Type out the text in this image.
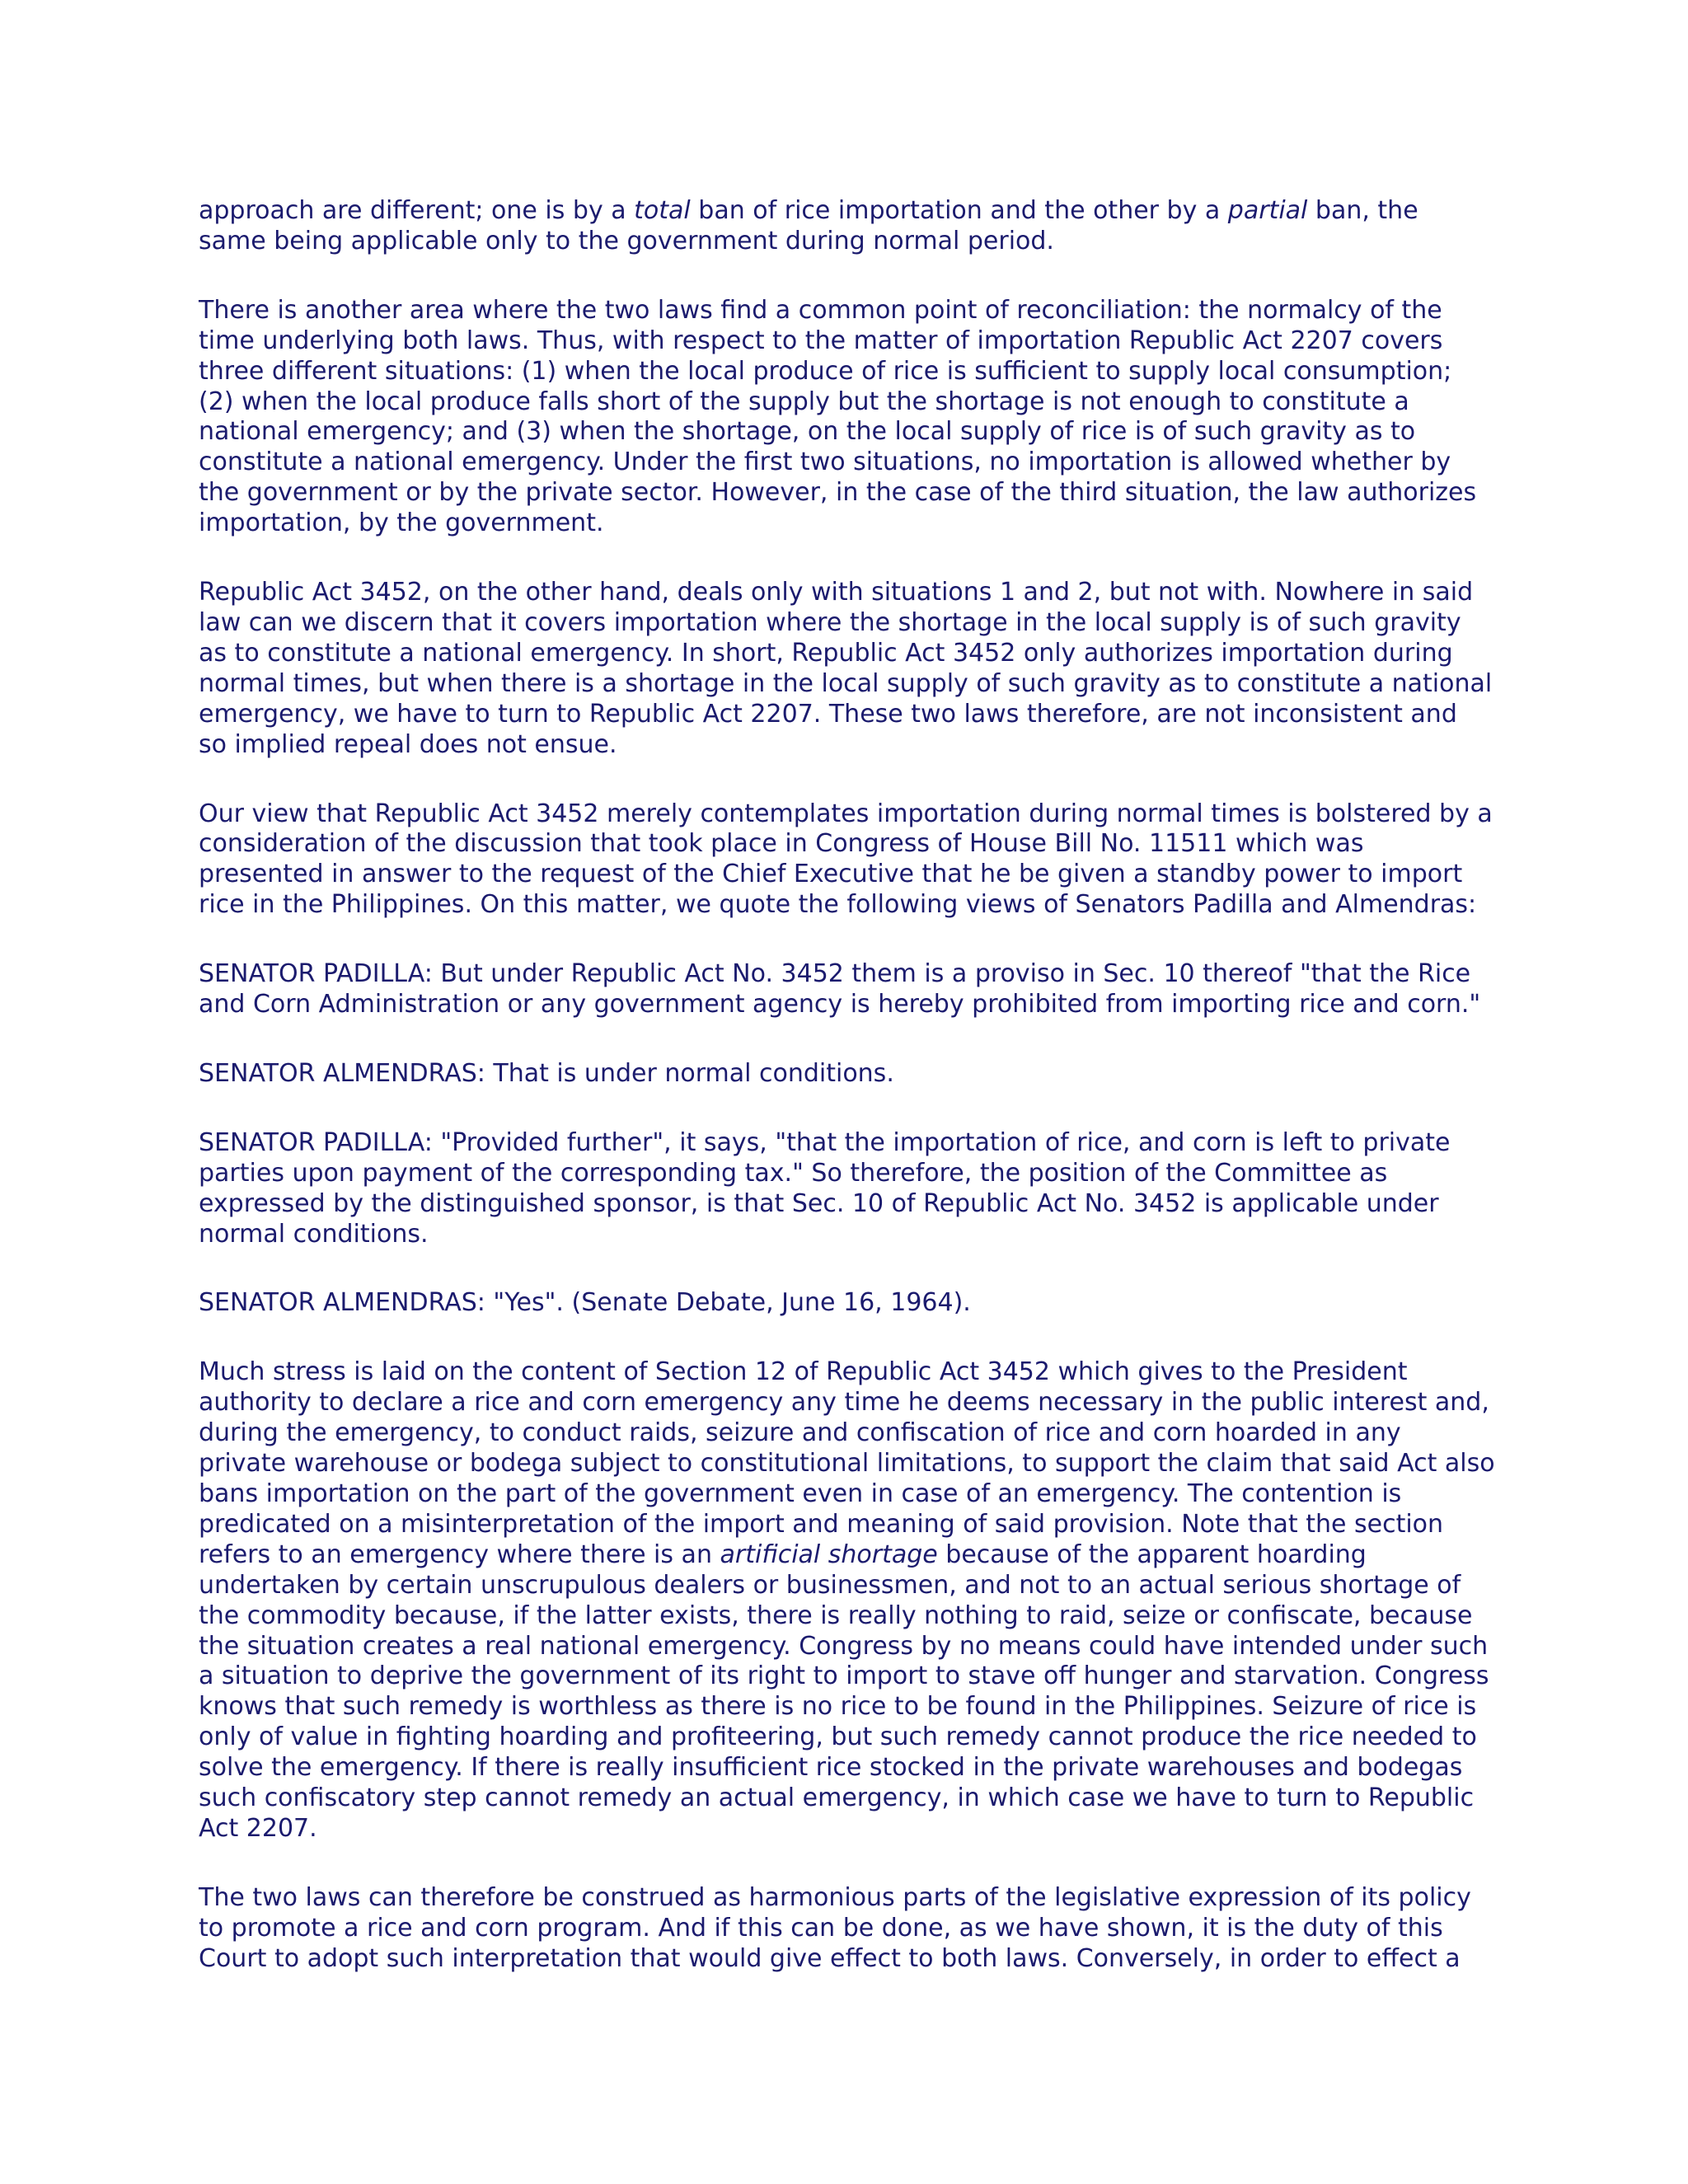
approach are different; one is by a total ban of rice importation and the other by a partial ban, the
same being applicable only to the government during normal period.

There is another area where the two laws find a common point of reconciliation: the normalcy of the
time underlying both laws. Thus, with respect to the matter of importation Republic Act 2207 covers
three different situations: (1) when the local produce of rice is sufficient to supply local consumption;
(2) when the local produce falls short of the supply but the shortage is not enough to constitute a
national emergency; and (3) when the shortage, on the local supply of rice is of such gravity as to
constitute a national emergency. Under the first two situations, no importation is allowed whether by
the government or by the private sector. However, in the case of the third situation, the law authorizes
importation, by the government.

Republic Act 3452, on the other hand, deals only with situations 1 and 2, but not with. Nowhere in said
law can we discern that it covers importation where the shortage in the local supply is of such gravity
as to constitute a national emergency. In short, Republic Act 3452 only authorizes importation during
normal times, but when there is a shortage in the local supply of such gravity as to constitute a national
emergency, we have to turn to Republic Act 2207. These two laws therefore, are not inconsistent and
so implied repeal does not ensue.

Our view that Republic Act 3452 merely contemplates importation during normal times is bolstered by a
consideration of the discussion that took place in Congress of House Bill No. 11511 which was
presented in answer to the request of the Chief Executive that he be given a standby power to import
rice in the Philippines. On this matter, we quote the following views of Senators Padilla and Almendras:

SENATOR PADILLA: But under Republic Act No. 3452 them is a proviso in Sec. 10 thereof "that the Rice
and Corn Administration or any government agency is hereby prohibited from importing rice and corn."

SENATOR ALMENDRAS: That is under normal conditions.

SENATOR PADILLA: "Provided further", it says, "that the importation of rice, and corn is left to private
parties upon payment of the corresponding tax." So therefore, the position of the Committee as
expressed by the distinguished sponsor, is that Sec. 10 of Republic Act No. 3452 is applicable under
normal conditions.

SENATOR ALMENDRAS: "Yes". (Senate Debate, June 16, 1964).

Much stress is laid on the content of Section 12 of Republic Act 3452 which gives to the President
authority to declare a rice and corn emergency any time he deems necessary in the public interest and,
during the emergency, to conduct raids, seizure and confiscation of rice and corn hoarded in any
private warehouse or bodega subject to constitutional limitations, to support the claim that said Act also
bans importation on the part of the government even in case of an emergency. The contention is
predicated on a misinterpretation of the import and meaning of said provision. Note that the section
refers to an emergency where there is an artificial shortage because of the apparent hoarding
undertaken by certain unscrupulous dealers or businessmen, and not to an actual serious shortage of
the commodity because, if the latter exists, there is really nothing to raid, seize or confiscate, because
the situation creates a real national emergency. Congress by no means could have intended under such
a situation to deprive the government of its right to import to stave off hunger and starvation. Congress
knows that such remedy is worthless as there is no rice to be found in the Philippines. Seizure of rice is
only of value in fighting hoarding and profiteering, but such remedy cannot produce the rice needed to
solve the emergency. If there is really insufficient rice stocked in the private warehouses and bodegas
such confiscatory step cannot remedy an actual emergency, in which case we have to turn to Republic
Act 2207.

The two laws can therefore be construed as harmonious parts of the legislative expression of its policy
to promote a rice and corn program. And if this can be done, as we have shown, it is the duty of this
Court to adopt such interpretation that would give effect to both laws. Conversely, in order to effect a
